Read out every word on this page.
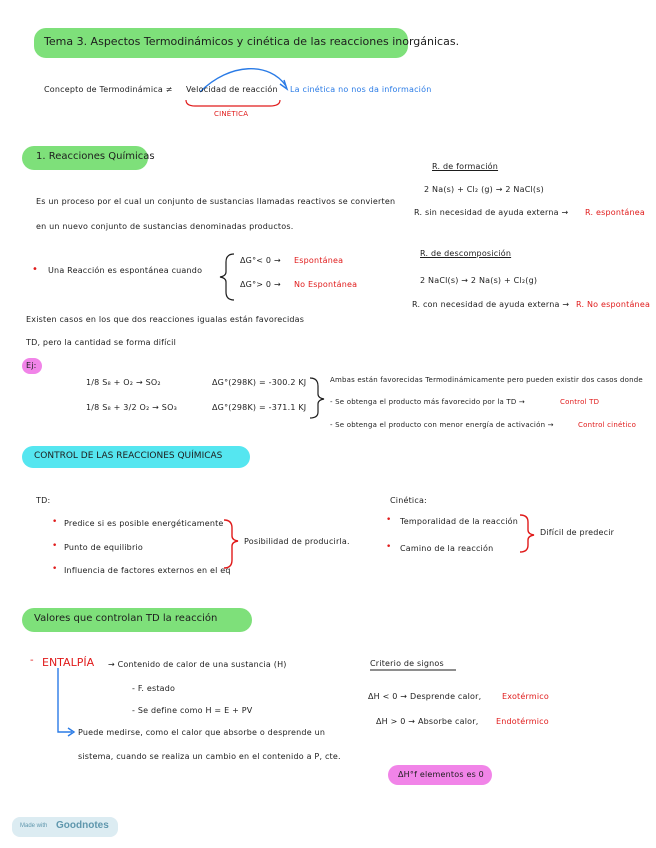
Tema 3. Aspectos Termodinámicos y cinética de las reacciones inorgánicas.
Concepto de Termodinámica ≠ Velocidad de reacción La cinética no nos da información
CINÉTICA
1. Reacciones Químicas
R. de formación
2 Na(s) + Cl₂ (g) → 2 NaCl(s)
R. sin necesidad de ayuda externa → R. espontánea
Es un proceso por el cual un conjunto de sustancias llamadas reactivos se convierten
en un nuevo conjunto de sustancias denominadas productos.
R. de descomposición
2 NaCl(s) → 2 Na(s) + Cl₂(g)
R. con necesidad de ayuda externa → R. No espontánea
• Una Reacción es espontánea cuando
ΔG°< 0 → Espontánea
ΔG°> 0 → No Espontánea
Existen casos en los que dos reacciones igualas están favorecidas
TD, pero la cantidad se forma difícil
Ej:
1/8 S₈ + O₂ → SO₂	ΔG°(298K) = -300.2 KJ
1/8 S₈ + 3/2 O₂ → SO₃	ΔG°(298K) = -371.1 KJ
Ambas están favorecidas Termodinámicamente pero pueden existir dos casos donde
- Se obtenga el producto más favorecido por la TD →	Control TD
- Se obtenga el producto con menor energía de activación →	Control cinético
CONTROL DE LAS REACCIONES QUÍMICAS
TD:
• Predice si es posible energéticamente
• Punto de equilibrio
• Influencia de factores externos en el eq
Posibilidad de producirla.
Cinética:
• Temporalidad de la reacción
• Camino de la reacción
Difícil de predecir
Valores que controlan TD la reacción
- ENTALPÍA → Contenido de calor de una sustancia (H)
- F. estado
- Se define como H = E + PV
Puede medirse, como el calor que absorbe o desprende un
sistema, cuando se realiza un cambio en el contenido a P, cte.
Criterio de signos
ΔH < 0 → Desprende calor,	Exotérmico
ΔH > 0 → Absorbe calor, Endotérmico
ΔH°f elementos es 0
Made with Goodnotes
